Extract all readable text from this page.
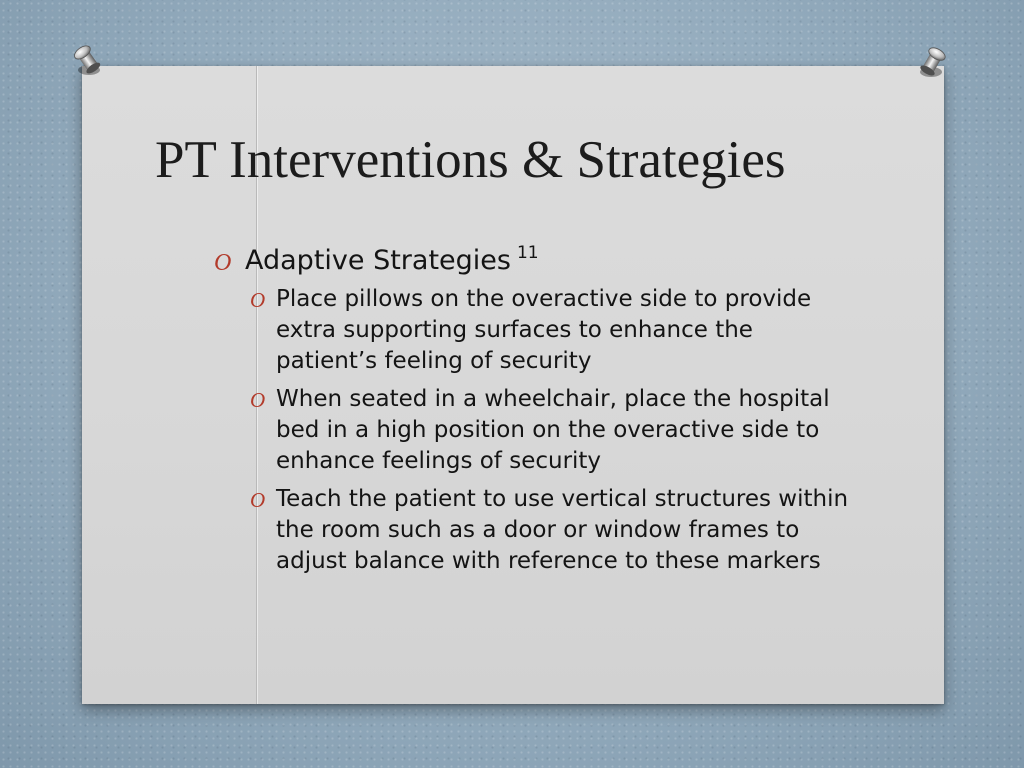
PT Interventions & Strategies
O Adaptive Strategies $^{11}$
O Place pillows on the overactive side to provide extra supporting surfaces to enhance the patient’s feeling of security
O When seated in a wheelchair, place the hospital bed in a high position on the overactive side to enhance feelings of security
O Teach the patient to use vertical structures within the room such as a door or window frames to adjust balance with reference to these markers
